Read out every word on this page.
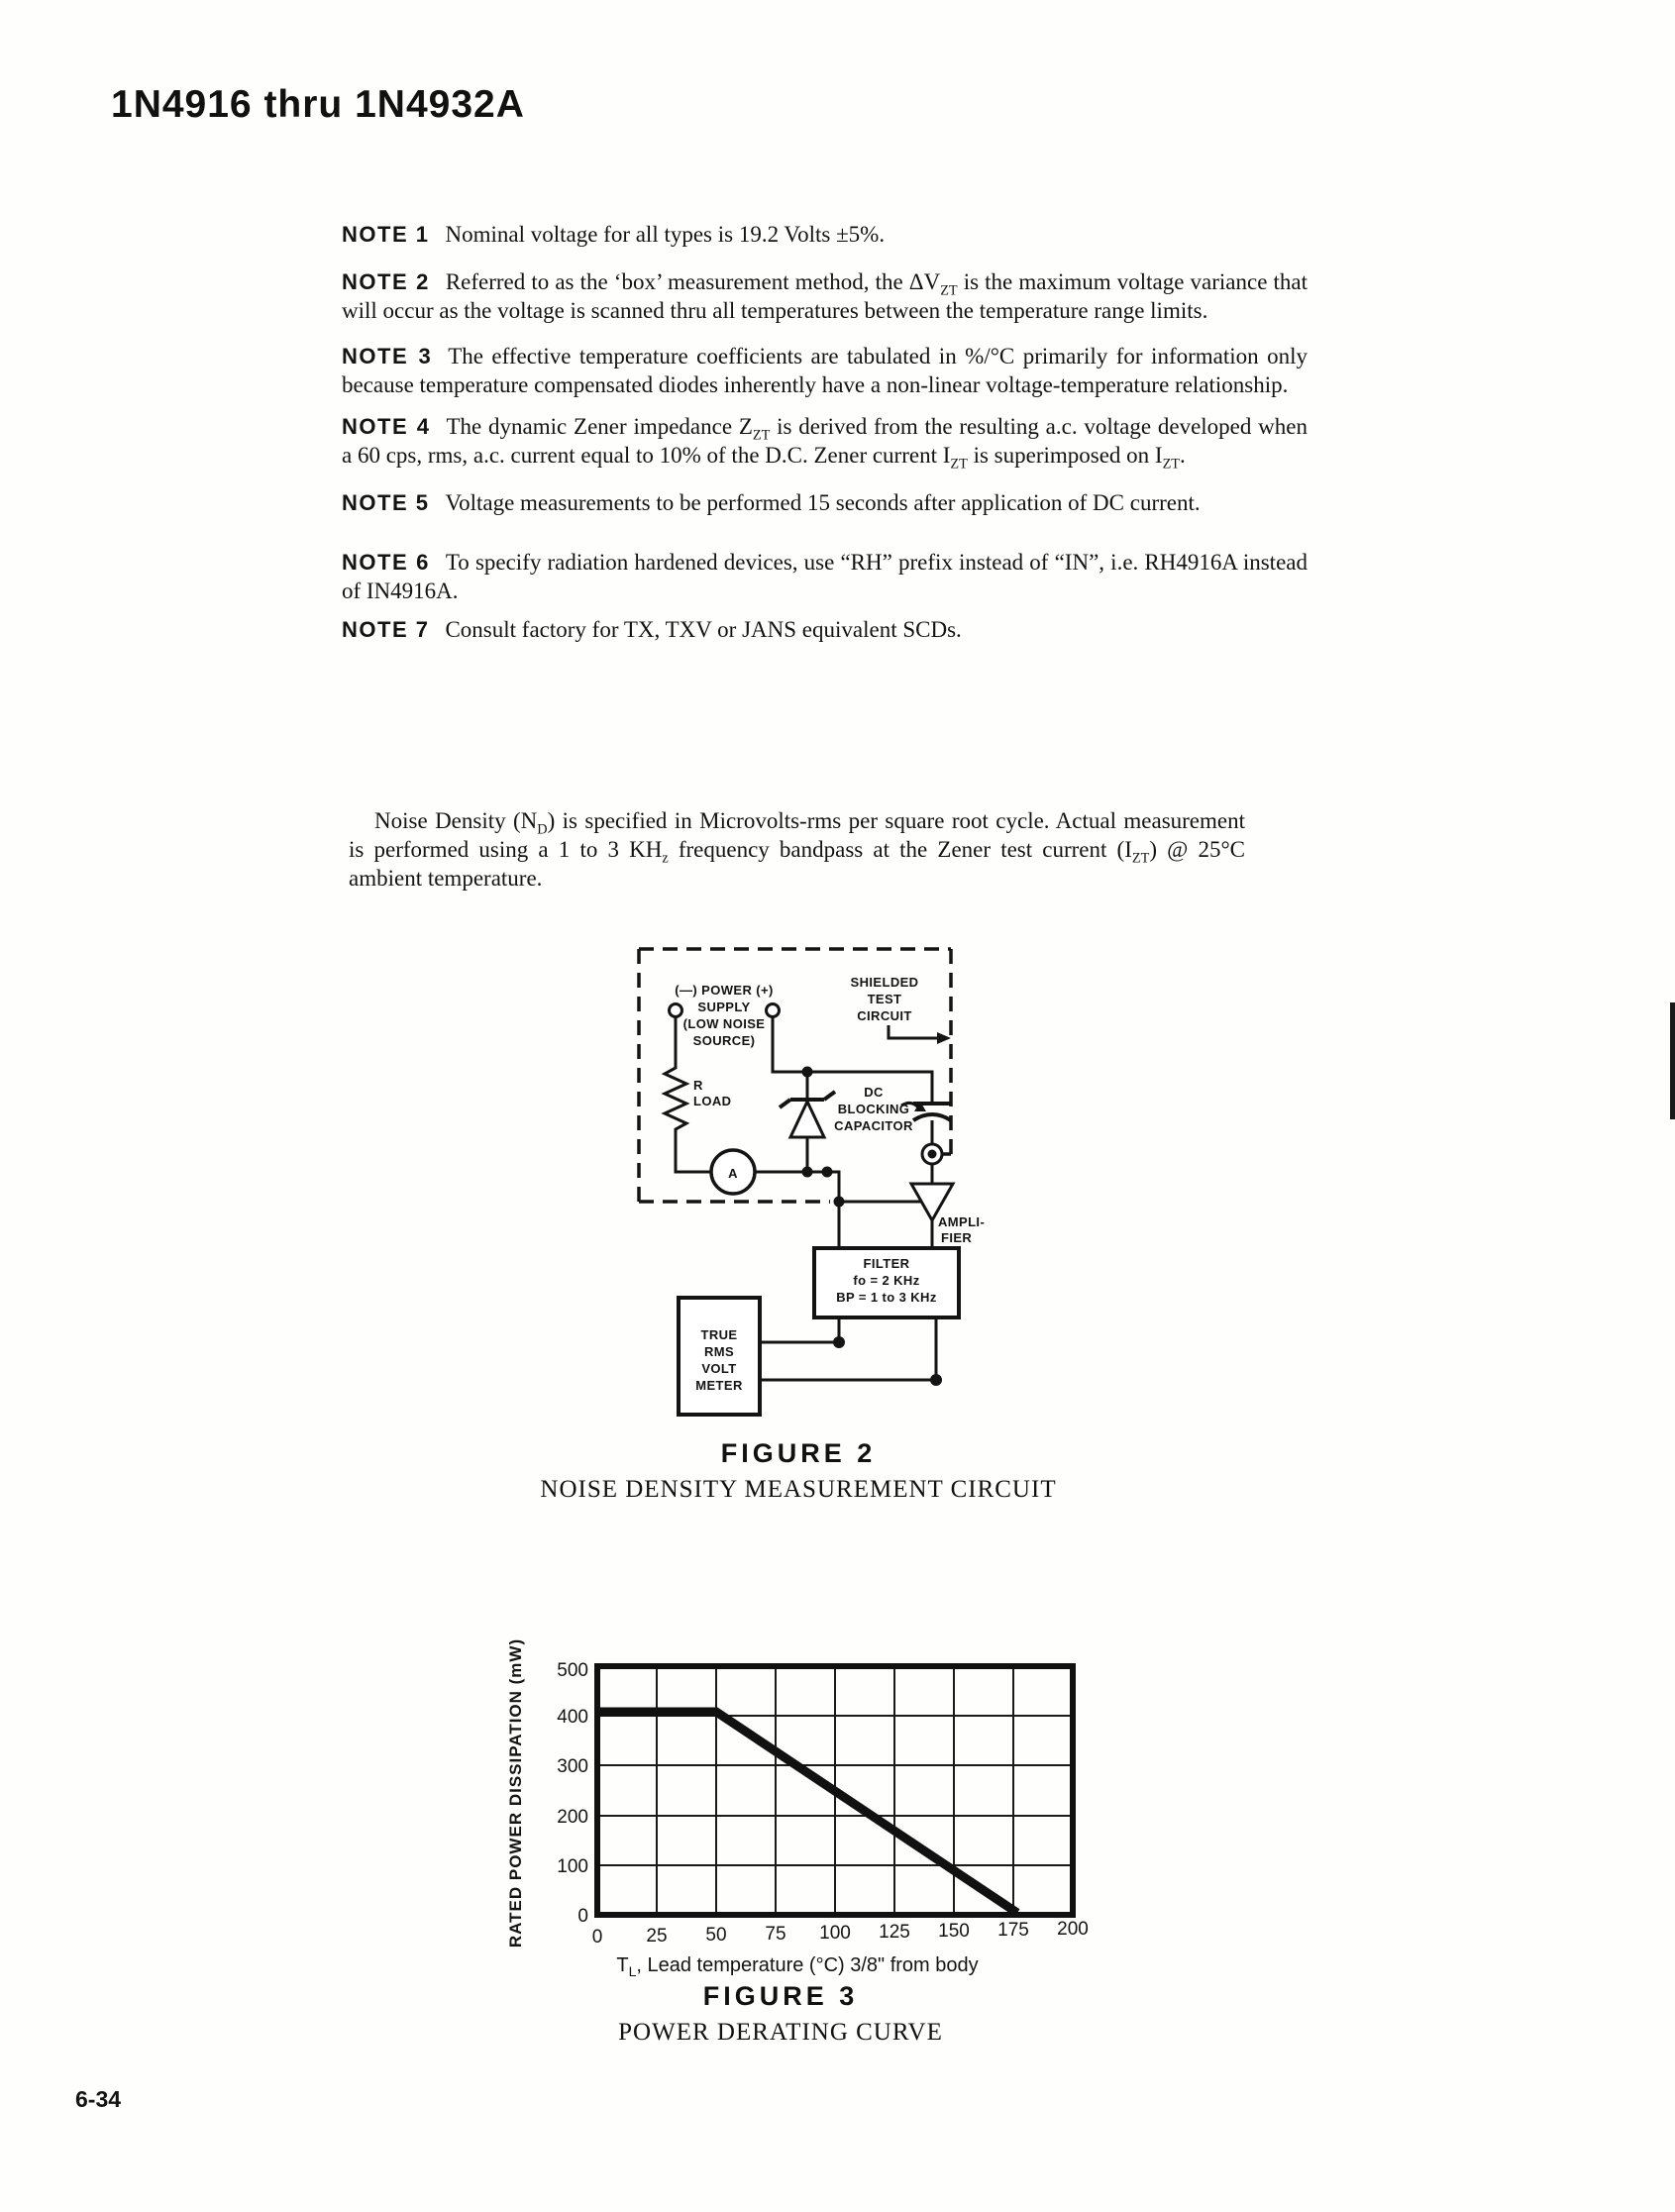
1N4916 thru 1N4932A

NOTE 1 Nominal voltage for all types is 19.2 Volts ±5%.

NOTE 2 Referred to as the ‘box’ measurement method, the $\Delta V_{ZT}$ is the maximum voltage variance that will occur as the voltage is scanned thru all temperatures between the temperature range limits.

NOTE 3 The effective temperature coefficients are tabulated in %/°C primarily for information only because temperature compensated diodes inherently have a non-linear voltage-temperature relationship.

NOTE 4 The dynamic Zener impedance $Z_{ZT}$ is derived from the resulting a.c. voltage developed when a 60 cps, rms, a.c. current equal to 10% of the D.C. Zener current $I_{ZT}$ is superimposed on $I_{ZT}$.

NOTE 5 Voltage measurements to be performed 15 seconds after application of DC current.

NOTE 6 To specify radiation hardened devices, use “RH” prefix instead of “IN”, i.e. RH4916A instead of IN4916A.

NOTE 7 Consult factory for TX, TXV or JANS equivalent SCDs.

Noise Density $(N_D)$ is specified in Microvolts-rms per square root cycle. Actual measurement is performed using a 1 to 3 $KH_z$ frequency bandpass at the Zener test current $(I_{ZT})$ @ 25°C ambient temperature.

(—) POWER (+)
SUPPLY
(LOW NOISE
SOURCE)
SHIELDED
TEST
CIRCUIT
R
LOAD
A
DC
BLOCKING
CAPACITOR
AMPLI-
FIER
FILTER
fo = 2 KHz
BP = 1 to 3 KHz
TRUE
RMS
VOLT
METER
FIGURE 2
NOISE DENSITY MEASUREMENT CIRCUIT
500
400
300
200
100
0
0 25 50 75 100 125 150 175 200
RATED POWER DISSIPATION (mW)
$T_L$, Lead temperature (°C) 3/8" from body
FIGURE 3
POWER DERATING CURVE
6-34
